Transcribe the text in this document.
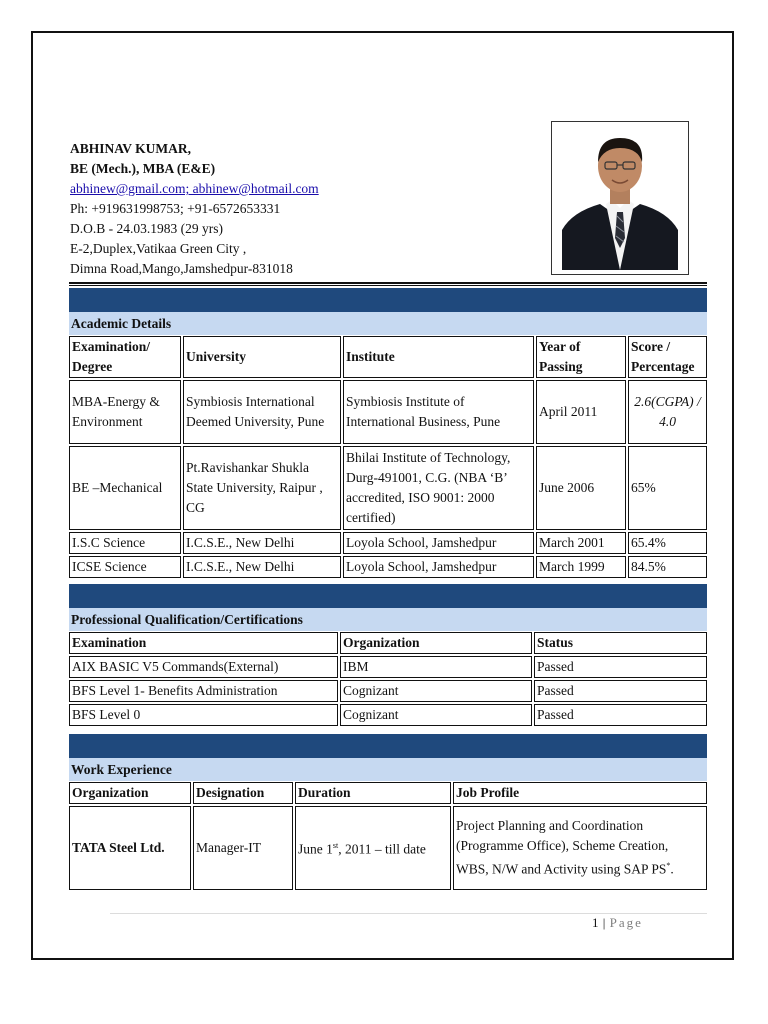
ABHINAV KUMAR,
BE (Mech.), MBA (E&E)
abhinew@gmail.com; abhinew@hotmail.com
Ph: +919631998753; +91-6572653331
D.O.B - 24.03.1983 (29 yrs)
E-2,Duplex,Vatikaa Green City ,
Dimna Road,Mango,Jamshedpur-831018
Academic Details
Examination/ Degree	University	Institute	Year of Passing	Score / Percentage
MBA-Energy & Environment	Symbiosis International Deemed University, Pune	Symbiosis Institute of International Business, Pune	April 2011	2.6(CGPA) / 4.0
BE –Mechanical	Pt.Ravishankar Shukla State University, Raipur , CG	Bhilai Institute of Technology, Durg-491001, C.G. (NBA ‘B’ accredited, ISO 9001: 2000 certified)	June 2006	65%
I.S.C Science	I.C.S.E., New Delhi	Loyola School, Jamshedpur	March 2001	65.4%
ICSE Science	I.C.S.E., New Delhi	Loyola School, Jamshedpur	March 1999	84.5%
Professional Qualification/Certifications
Examination	Organization	Status
AIX BASIC V5 Commands(External)	IBM	Passed
BFS Level 1- Benefits Administration	Cognizant	Passed
BFS Level 0	Cognizant	Passed
Work Experience
Organization	Designation	Duration	Job Profile
TATA Steel Ltd.	Manager-IT	June 1st, 2011 – till date	Project Planning and Coordination (Programme Office), Scheme Creation, WBS, N/W and Activity using SAP PS*.
1 | Page
